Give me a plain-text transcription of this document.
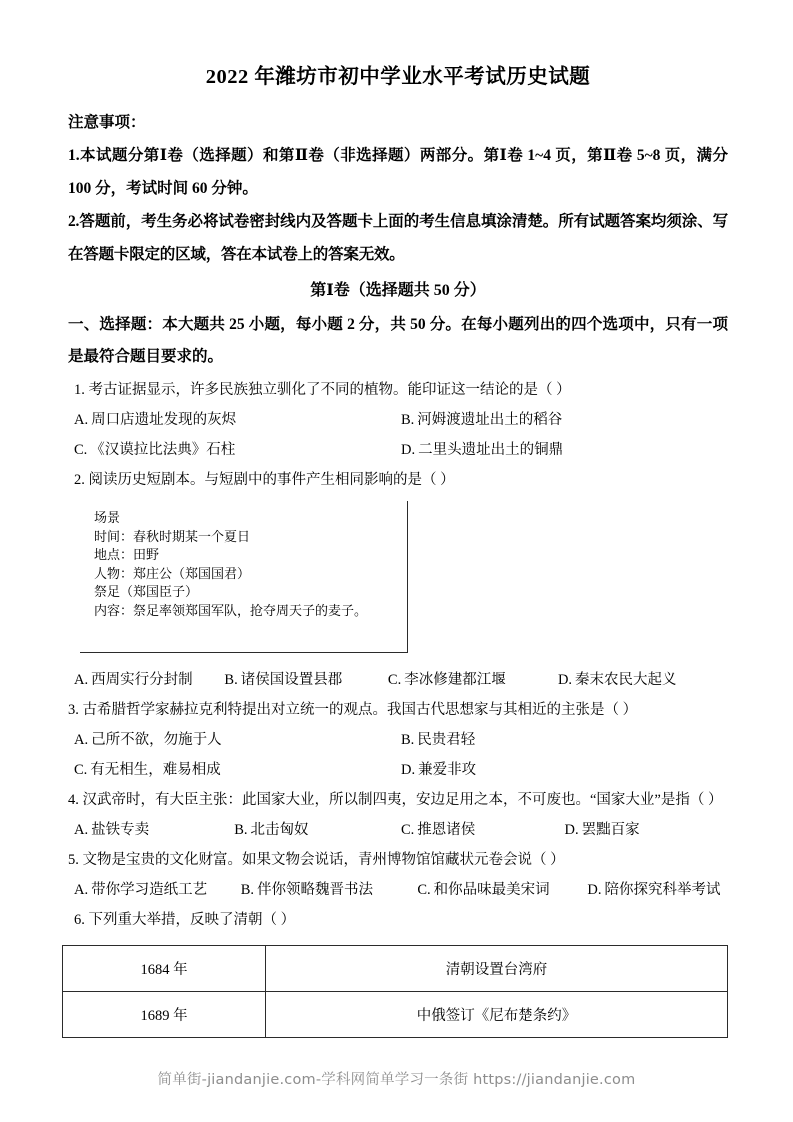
2022 年潍坊市初中学业水平考试历史试题

注意事项：

1.本试题分第Ⅰ卷（选择题）和第Ⅱ卷（非选择题）两部分。第Ⅰ卷 1~4 页，第Ⅱ卷 5~8 页，满分 100 分，考试时间 60 分钟。

2.答题前，考生务必将试卷密封线内及答题卡上面的考生信息填涂清楚。所有试题答案均须涂、写在答题卡限定的区域，答在本试卷上的答案无效。

第Ⅰ卷（选择题共 50 分）

一、选择题：本大题共 25 小题，每小题 2 分，共 50 分。在每小题列出的四个选项中，只有一项是最符合题目要求的。

1. 考古证据显示，许多民族独立驯化了不同的植物。能印证这一结论的是（ ）

A. 周口店遗址发现的灰烬	B. 河姆渡遗址出土的稻谷
C. 《汉谟拉比法典》石柱	D. 二里头遗址出土的铜鼎

2. 阅读历史短剧本。与短剧中的事件产生相同影响的是（ ）

场景
时间：春秋时期某一个夏日
地点：田野
人物：郑庄公（郑国国君）
祭足（郑国臣子）
内容：祭足率领郑国军队，抢夺周天子的麦子。
A. 西周实行分封制	B. 诸侯国设置县郡	C. 李冰修建都江堰	D. 秦末农民大起义

3. 古希腊哲学家赫拉克利特提出对立统一的观点。我国古代思想家与其相近的主张是（ ）

A. 己所不欲，勿施于人	B. 民贵君轻
C. 有无相生，难易相成	D. 兼爱非攻

4. 汉武帝时，有大臣主张：此国家大业，所以制四夷，安边足用之本，不可废也。“国家大业”是指（ ）

A. 盐铁专卖	B. 北击匈奴	C. 推恩诸侯	D. 罢黜百家

5. 文物是宝贵的文化财富。如果文物会说话，青州博物馆馆藏状元卷会说（ ）

A. 带你学习造纸工艺	B. 伴你领略魏晋书法	C. 和你品味最美宋词	D. 陪你探究科举考试

6. 下列重大举措，反映了清朝（ ）

1684 年	清朝设置台湾府
1689 年	中俄签订《尼布楚条约》
简单街-jiandanjie.com-学科网简单学习一条街 https://jiandanjie.com
